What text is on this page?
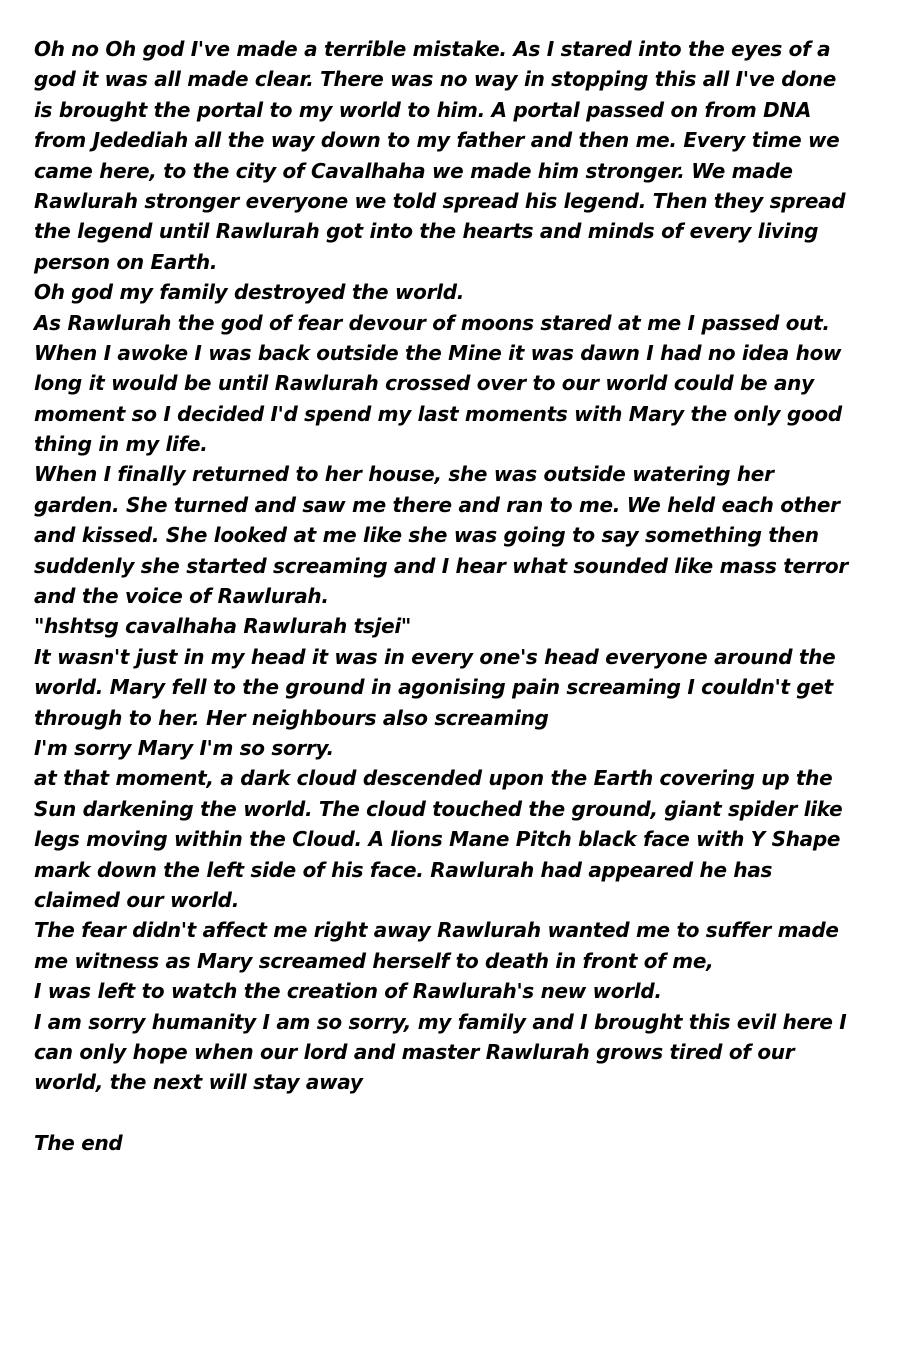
Oh no Oh god I've made a terrible mistake. As I stared into the eyes of a
god it was all made clear. There was no way in stopping this all I've done
is brought the portal to my world to him. A portal passed on from DNA
from Jedediah all the way down to my father and then me. Every time we
came here, to the city of Cavalhaha we made him stronger. We made
Rawlurah stronger everyone we told spread his legend. Then they spread
the legend until Rawlurah got into the hearts and minds of every living
person on Earth.
Oh god my family destroyed the world.
As Rawlurah the god of fear devour of moons stared at me I passed out.
When I awoke I was back outside the Mine it was dawn I had no idea how
long it would be until Rawlurah crossed over to our world could be any
moment so I decided I'd spend my last moments with Mary the only good
thing in my life.
When I finally returned to her house, she was outside watering her
garden. She turned and saw me there and ran to me. We held each other
and kissed. She looked at me like she was going to say something then
suddenly she started screaming and I hear what sounded like mass terror
and the voice of Rawlurah.
"hshtsg cavalhaha Rawlurah tsjei"
It wasn't just in my head it was in every one's head everyone around the
world. Mary fell to the ground in agonising pain screaming I couldn't get
through to her. Her neighbours also screaming
I'm sorry Mary I'm so sorry.
at that moment, a dark cloud descended upon the Earth covering up the
Sun darkening the world. The cloud touched the ground, giant spider like
legs moving within the Cloud. A lions Mane Pitch black face with Y Shape
mark down the left side of his face. Rawlurah had appeared he has
claimed our world.
The fear didn't affect me right away Rawlurah wanted me to suffer made
me witness as Mary screamed herself to death in front of me,
I was left to watch the creation of Rawlurah's new world.
I am sorry humanity I am so sorry, my family and I brought this evil here I
can only hope when our lord and master Rawlurah grows tired of our
world, the next will stay away
The end
